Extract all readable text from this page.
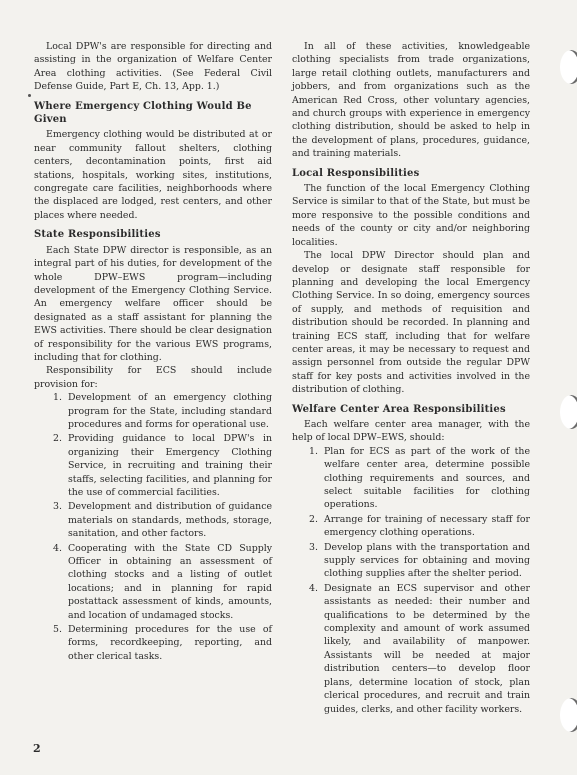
Local DPW's are responsible for directing and assisting in the organization of Welfare Center Area clothing activities. (See Federal Civil Defense Guide, Part E, Ch. 13, App. 1.)

Where Emergency Clothing Would Be Given

Emergency clothing would be distributed at or near community fallout shelters, clothing centers, decontamination points, first aid stations, hospitals, working sites, institutions, congregate care facilities, neighborhoods where the displaced are lodged, rest centers, and other places where needed.

State Responsibilities

Each State DPW director is responsible, as an integral part of his duties, for development of the whole DPW–EWS program—including development of the Emergency Clothing Service. An emergency welfare officer should be designated as a staff assistant for planning the EWS activities. There should be clear designation of responsibility for the various EWS programs, including that for clothing.

Responsibility for ECS should include provision for:

1. Development of an emergency clothing program for the State, including standard procedures and forms for operational use.
2. Providing guidance to local DPW's in organizing their Emergency Clothing Service, in recruiting and training their staffs, selecting facilities, and planning for the use of commercial facilities.
3. Development and distribution of guidance materials on standards, methods, storage, sanitation, and other factors.
4. Cooperating with the State CD Supply Officer in obtaining an assessment of clothing stocks and a listing of outlet locations; and in planning for rapid postattack assessment of kinds, amounts, and location of undamaged stocks.
5. Determining procedures for the use of forms, recordkeeping, reporting, and other clerical tasks.

In all of these activities, knowledgeable clothing specialists from trade organizations, large retail clothing outlets, manufacturers and jobbers, and from organizations such as the American Red Cross, other voluntary agencies, and church groups with experience in emergency clothing distribution, should be asked to help in the development of plans, procedures, guidance, and training materials.

Local Responsibilities

The function of the local Emergency Clothing Service is similar to that of the State, but must be more responsive to the possible conditions and needs of the county or city and/or neighboring localities.

The local DPW Director should plan and develop or designate staff responsible for planning and developing the local Emergency Clothing Service. In so doing, emergency sources of supply, and methods of requisition and distribution should be recorded. In planning and training ECS staff, including that for welfare center areas, it may be necessary to request and assign personnel from outside the regular DPW staff for key posts and activities involved in the distribution of clothing.

Welfare Center Area Responsibilities

Each welfare center area manager, with the help of local DPW–EWS, should:

1. Plan for ECS as part of the work of the welfare center area, determine possible clothing requirements and sources, and select suitable facilities for clothing operations.
2. Arrange for training of necessary staff for emergency clothing operations.
3. Develop plans with the transportation and supply services for obtaining and moving clothing supplies after the shelter period.
4. Designate an ECS supervisor and other assistants as needed: their number and qualifications to be determined by the complexity and amount of work assumed likely, and availability of manpower. Assistants will be needed at major distribution centers—to develop floor plans, determine location of stock, plan clerical procedures, and recruit and train guides, clerks, and other facility workers.
2
